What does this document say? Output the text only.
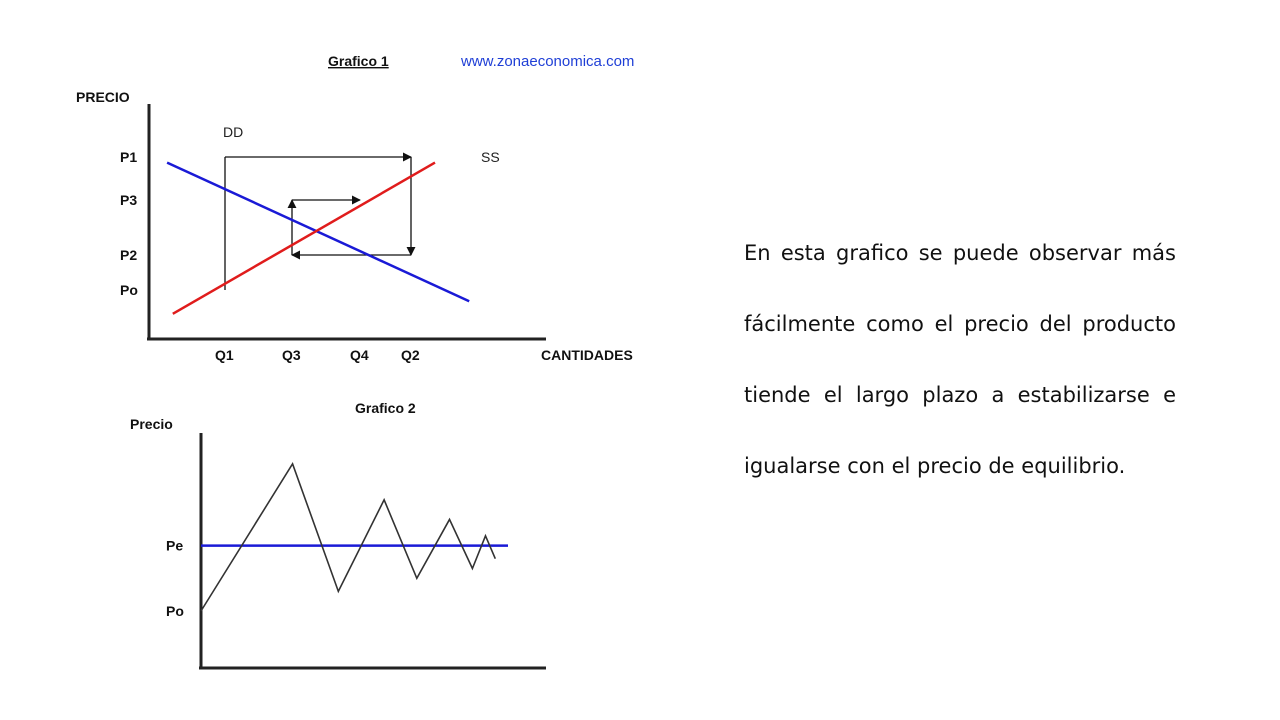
Grafico 1	www.zonaeconomica.com
PRECIO
CANTIDADES
P1
P3
P2
Po
Q1	Q3	Q4 Q2
DD
SS
Grafico 2
Precio
Pe
Po

En esta grafico se puede observar más fácilmente como el precio del producto tiende el largo plazo a estabilizarse e igualarse con el precio de equilibrio.
